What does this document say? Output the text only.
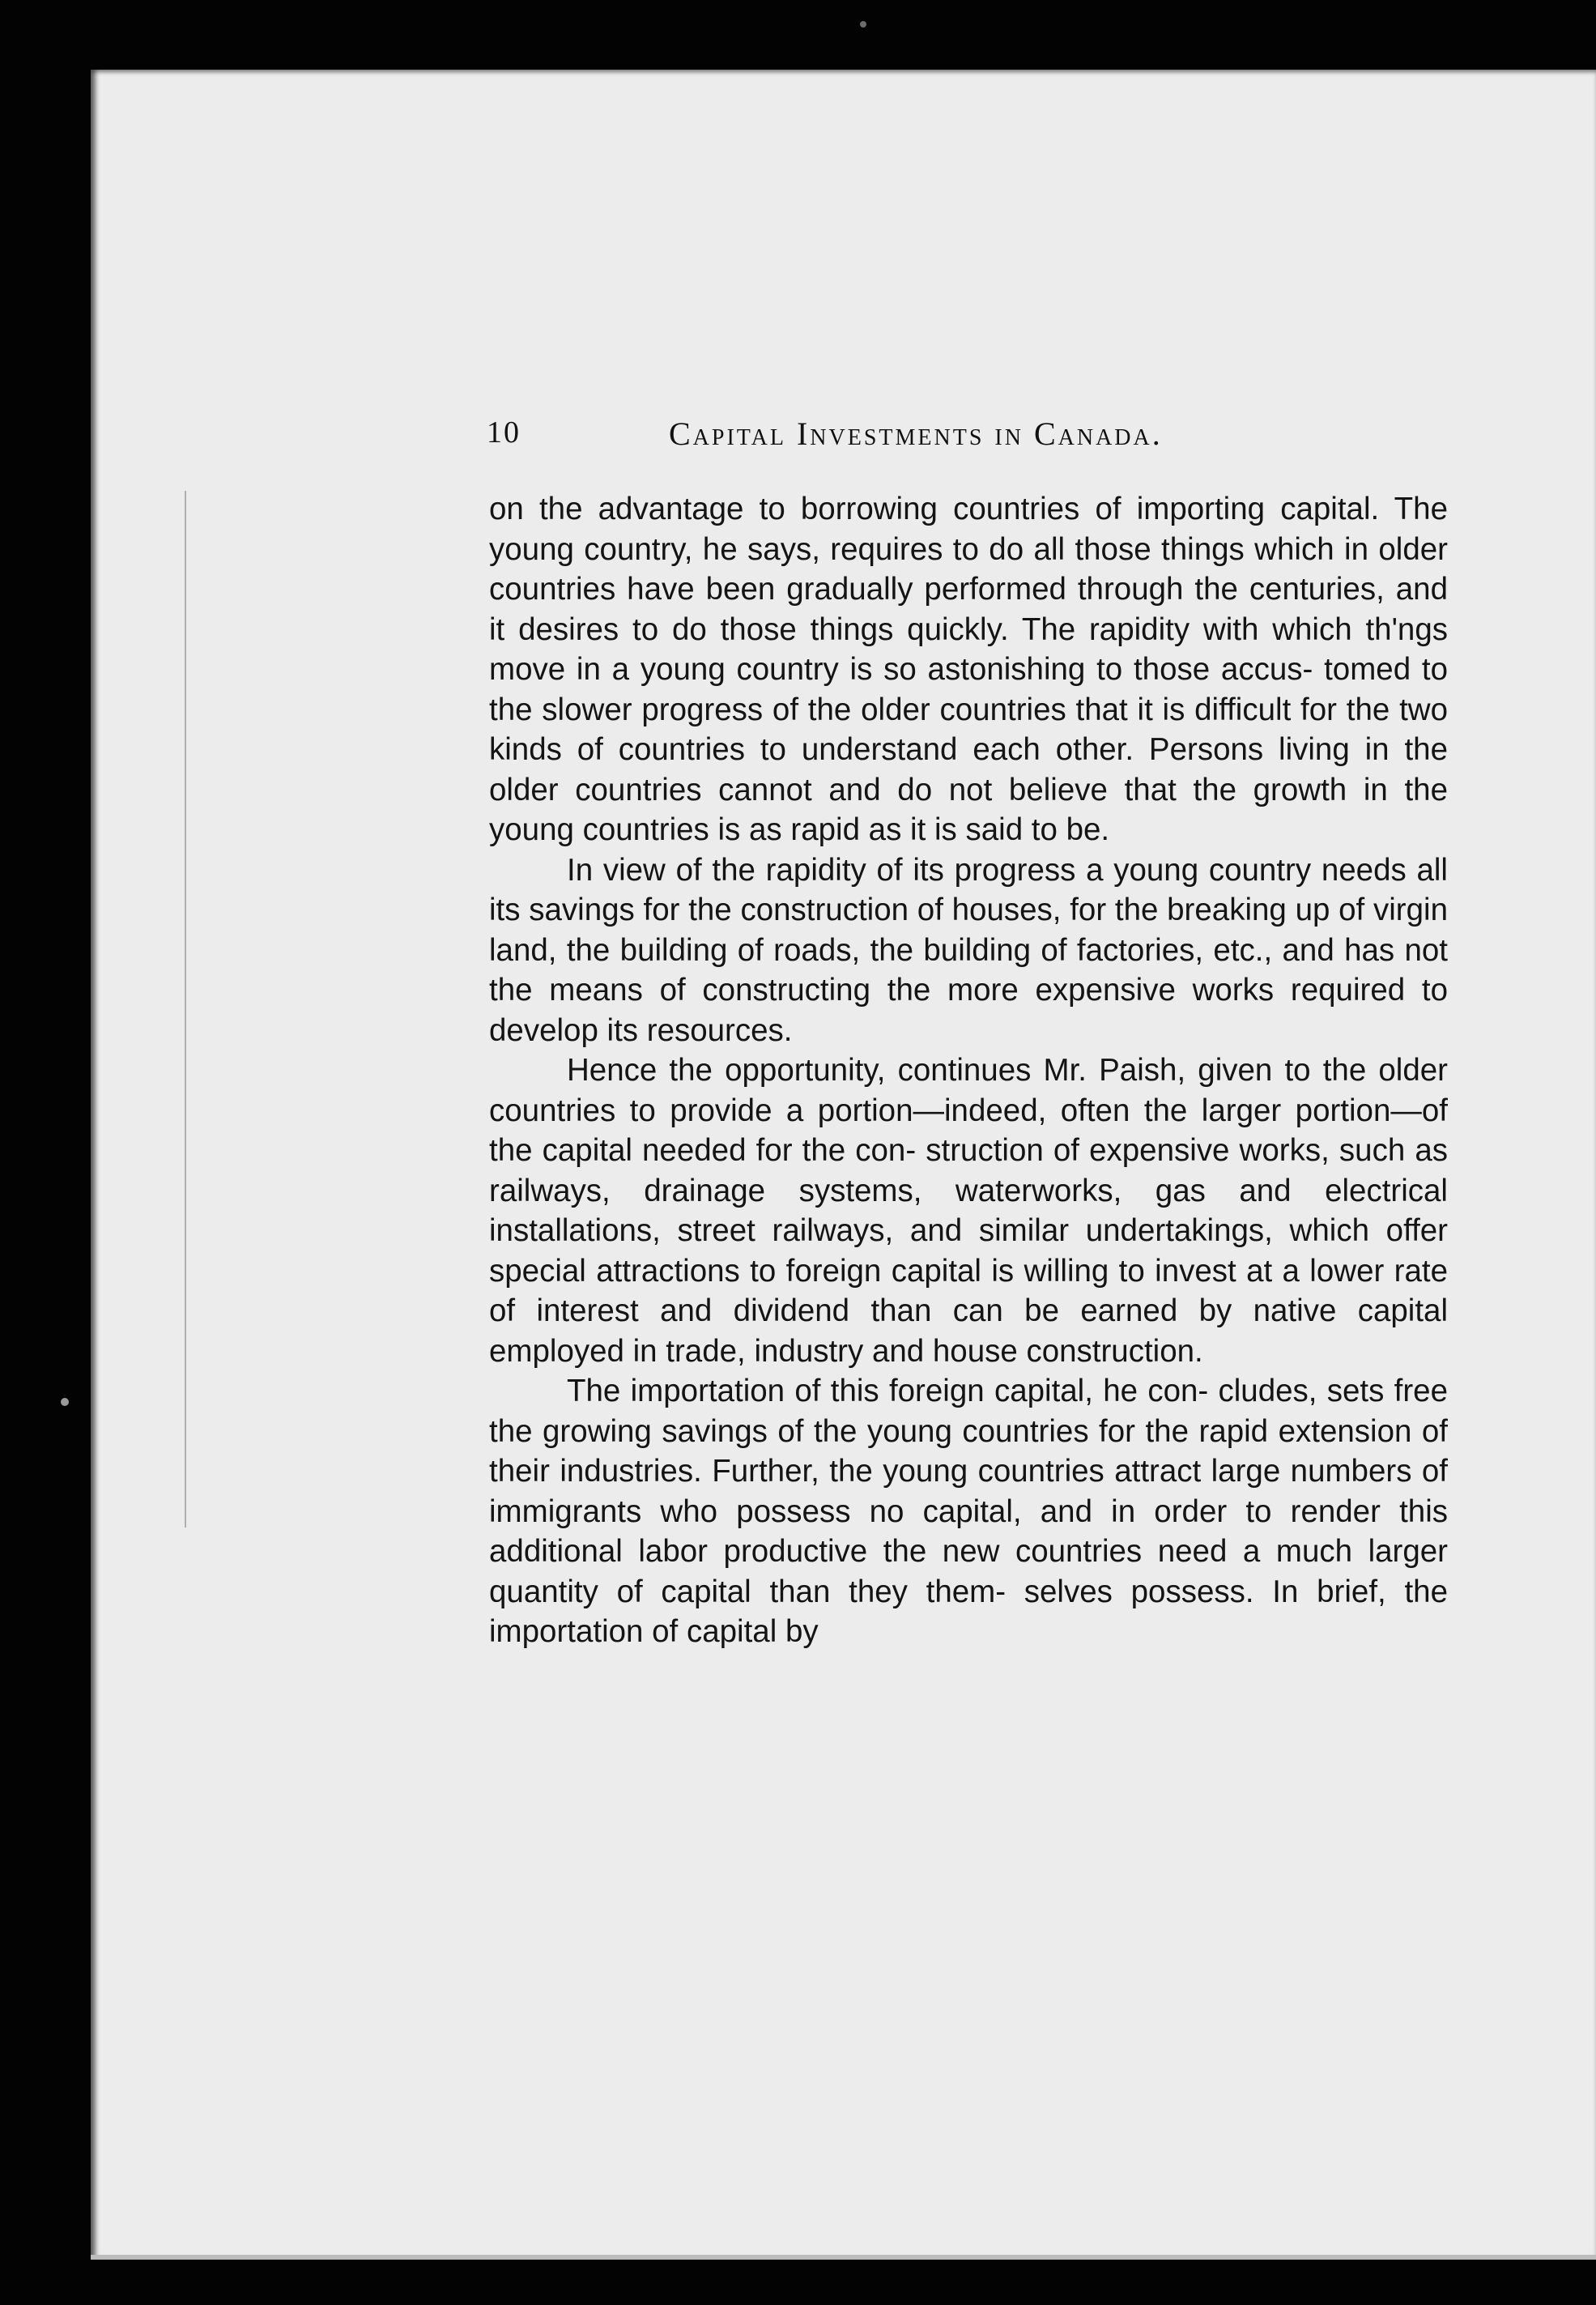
10	Capital Investments in Canada.

on the advantage to borrowing countries of importing capital. The young country, he says, requires to do all those things which in older countries have been gradually performed through the centuries, and it desires to do those things quickly. The rapidity with which th'ngs move in a young country is so astonishing to those accus- tomed to the slower progress of the older countries that it is difficult for the two kinds of countries to understand each other. Persons living in the older countries cannot and do not believe that the growth in the young countries is as rapid as it is said to be.

In view of the rapidity of its progress a young country needs all its savings for the construction of houses, for the breaking up of virgin land, the building of roads, the building of factories, etc., and has not the means of constructing the more expensive works required to develop its resources.

Hence the opportunity, continues Mr. Paish, given to the older countries to provide a portion—indeed, often the larger portion—of the capital needed for the con- struction of expensive works, such as railways, drainage systems, waterworks, gas and electrical installations, street railways, and similar undertakings, which offer special attractions to foreign capital is willing to invest at a lower rate of interest and dividend than can be earned by native capital employed in trade, industry and house construction.

The importation of this foreign capital, he con- cludes, sets free the growing savings of the young countries for the rapid extension of their industries. Further, the young countries attract large numbers of immigrants who possess no capital, and in order to render this additional labor productive the new countries need a much larger quantity of capital than they them- selves possess. In brief, the importation of capital by
